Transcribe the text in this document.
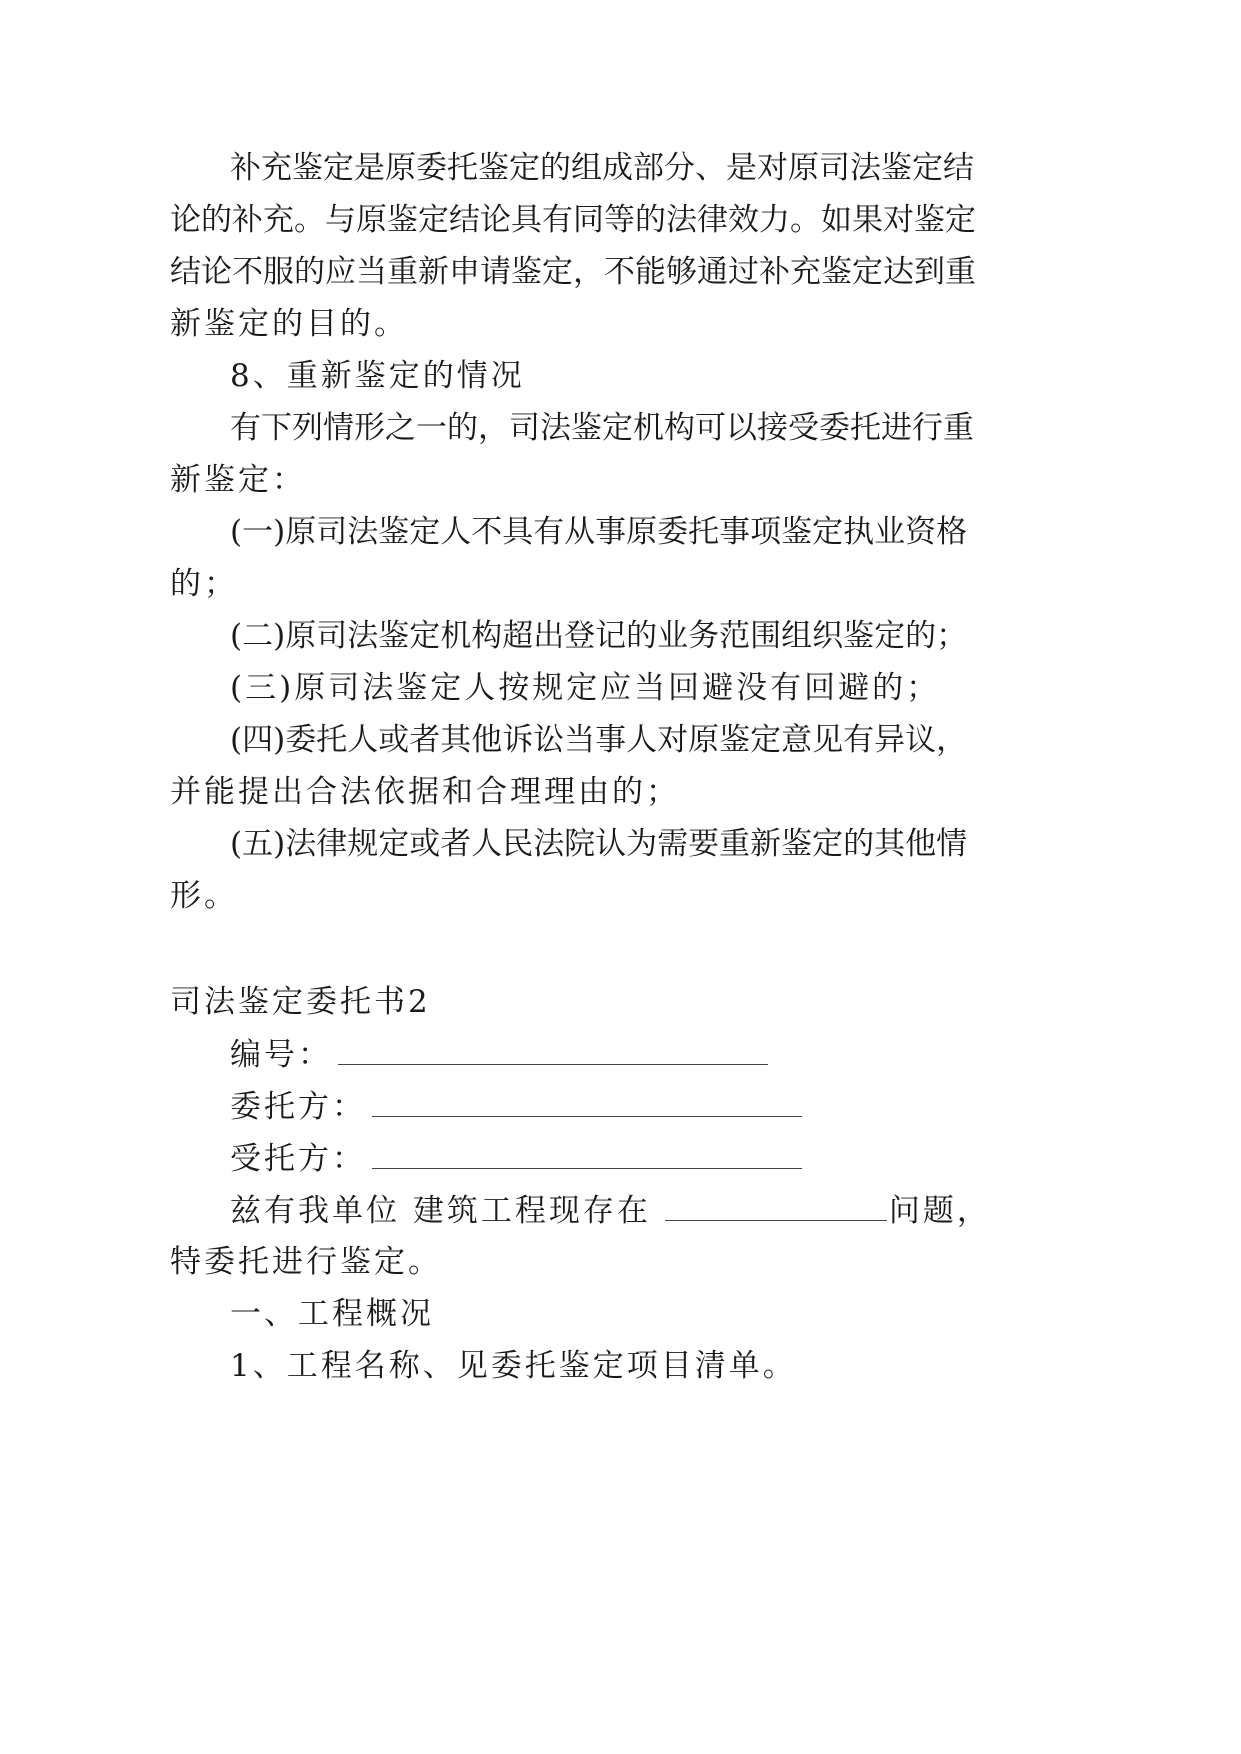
补充鉴定是原委托鉴定的组成部分、是对原司法鉴定结
论的补充。与原鉴定结论具有同等的法律效力。如果对鉴定
结论不服的应当重新申请鉴定，不能够通过补充鉴定达到重
新鉴定的目的。
8、重新鉴定的情况
有下列情形之一的，司法鉴定机构可以接受委托进行重
新鉴定：
(一)原司法鉴定人不具有从事原委托事项鉴定执业资格
的；
(二)原司法鉴定机构超出登记的业务范围组织鉴定的；
(三)原司法鉴定人按规定应当回避没有回避的；
(四)委托人或者其他诉讼当事人对原鉴定意见有异议，
并能提出合法依据和合理理由的；
(五)法律规定或者人民法院认为需要重新鉴定的其他情
形。
司法鉴定委托书2
编号：
委托方：
受托方：
兹有我单位 建筑工程现存在	问题，
特委托进行鉴定。
一、工程概况
1、工程名称、见委托鉴定项目清单。
